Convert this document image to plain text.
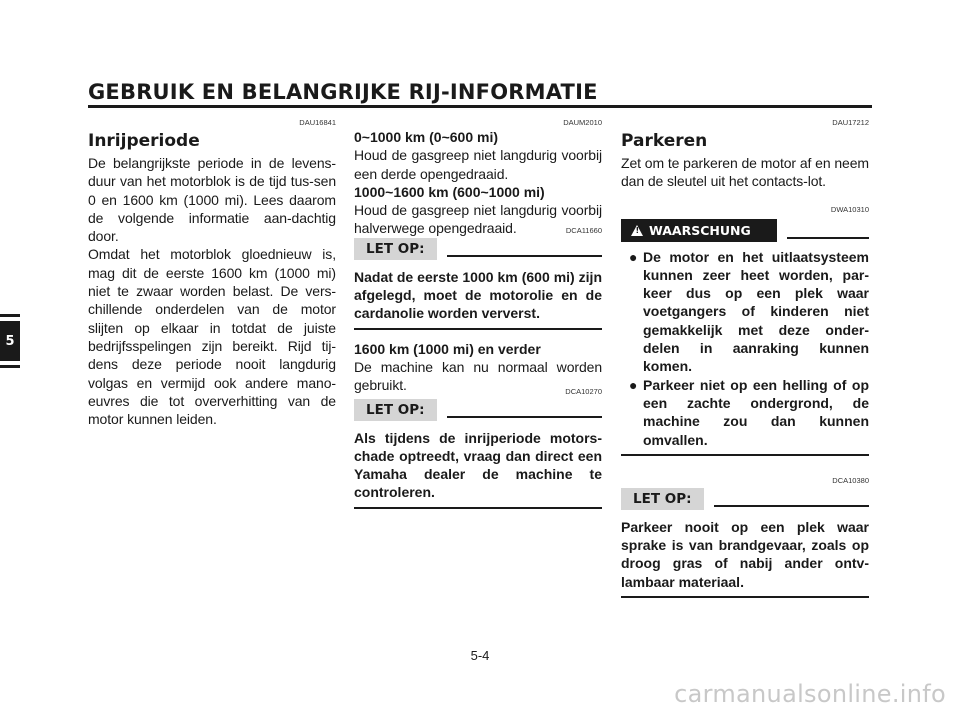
GEBRUIK EN BELANGRIJKE RIJ-INFORMATIE
5
DAU16841
Inrijperiode

De belangrijkste periode in de levens-duur van het motorblok is de tijd tus-sen 0 en 1600 km (1000 mi). Lees daarom de volgende informatie aan-dachtig door.

Omdat het motorblok gloednieuw is, mag dit de eerste 1600 km (1000 mi) niet te zwaar worden belast. De vers-chillende onderdelen van de motor slijten op elkaar in totdat de juiste bedrijfsspelingen zijn bereikt. Rijd tij-dens deze periode nooit langdurig volgas en vermijd ook andere mano-euvres die tot oververhitting van de motor kunnen leiden.

DAUM2010
0~1000 km (0~600 mi)

Houd de gasgreep niet langdurig voorbij een derde opengedraaid.

1000~1600 km (600~1000 mi)

Houd de gasgreep niet langdurig voorbij halverwege opengedraaid.	DCA11660
LET OP:

Nadat de eerste 1000 km (600 mi) zijn afgelegd, moet de motorolie en de cardanolie worden ververst.

1600 km (1000 mi) en verder

De machine kan nu normaal worden gebruikt.	DCA10270
LET OP:

Als tijdens de inrijperiode motors-chade optreedt, vraag dan direct een Yamaha dealer de machine te controleren.

DAU17212
Parkeren

Zet om te parkeren de motor af en neem dan de sleutel uit het contacts-lot.

DWA10310
! WAARSCHUNG
● De motor en het uitlaatsysteem kunnen zeer heet worden, par-keer dus op een plek waar voetgangers of kinderen niet gemakkelijk met deze onder-delen in aanraking kunnen komen.
● Parkeer niet op een helling of op een zachte ondergrond, de machine zou dan kunnen omvallen.
DCA10380
LET OP:

Parkeer nooit op een plek waar sprake is van brandgevaar, zoals op droog gras of nabij ander ontv-lambaar materiaal.

5-4
carmanualsonline.info
